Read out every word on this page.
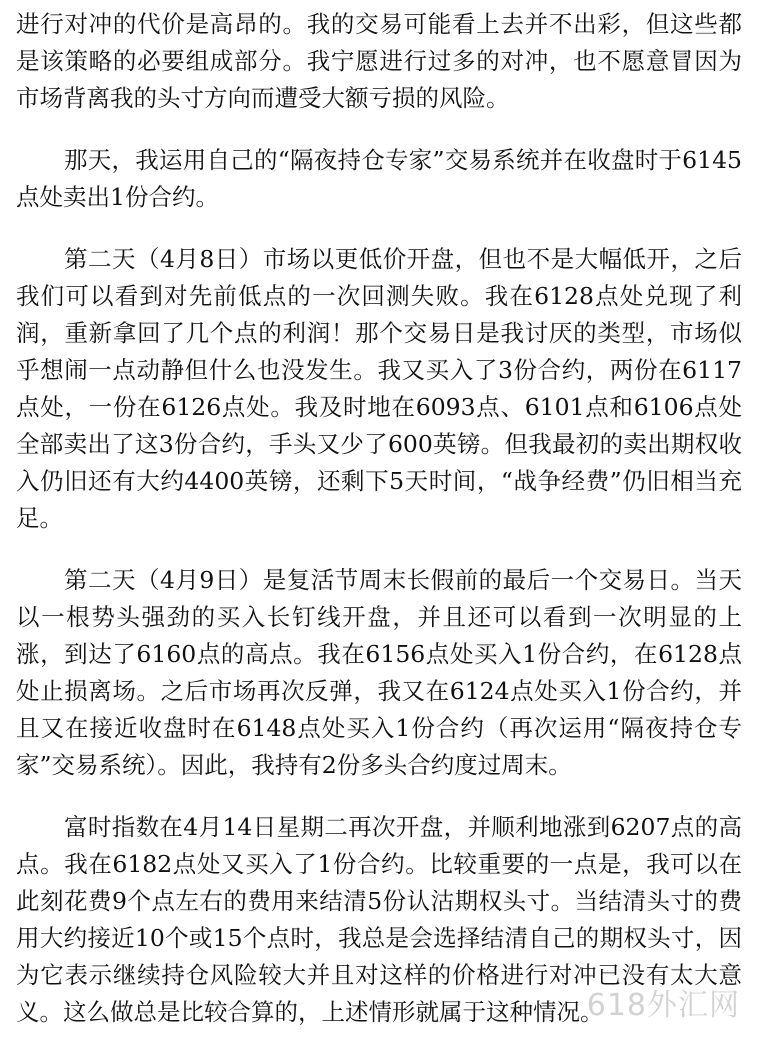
进行对冲的代价是高昂的。我的交易可能看上去并不出彩，但这些都是该策略的必要组成部分。我宁愿进行过多的对冲，也不愿意冒因为市场背离我的头寸方向而遭受大额亏损的风险。

那天，我运用自己的“隔夜持仓专家”交易系统并在收盘时于6145点处卖出1份合约。

第二天（4月8日）市场以更低价开盘，但也不是大幅低开，之后我们可以看到对先前低点的一次回测失败。我在6128点处兑现了利润，重新拿回了几个点的利润！那个交易日是我讨厌的类型，市场似乎想闹一点动静但什么也没发生。我又买入了3份合约，两份在6117点处，一份在6126点处。我及时地在6093点、6101点和6106点处全部卖出了这3份合约，手头又少了600英镑。但我最初的卖出期权收入仍旧还有大约4400英镑，还剩下5天时间，“战争经费”仍旧相当充足。

第二天（4月9日）是复活节周末长假前的最后一个交易日。当天以一根势头强劲的买入长钉线开盘，并且还可以看到一次明显的上涨，到达了6160点的高点。我在6156点处买入1份合约，在6128点处止损离场。之后市场再次反弹，我又在6124点处买入1份合约，并且又在接近收盘时在6148点处买入1份合约（再次运用“隔夜持仓专家”交易系统）。因此，我持有2份多头合约度过周末。

富时指数在4月14日星期二再次开盘，并顺利地涨到6207点的高点。我在6182点处又买入了1份合约。比较重要的一点是，我可以在此刻花费9个点左右的费用来结清5份认沽期权头寸。当结清头寸的费用大约接近10个或15个点时，我总是会选择结清自己的期权头寸，因为它表示继续持仓风险较大并且对这样的价格进行对冲已没有太大意义。这么做总是比较合算的，上述情形就属于这种情况。

618外汇网
